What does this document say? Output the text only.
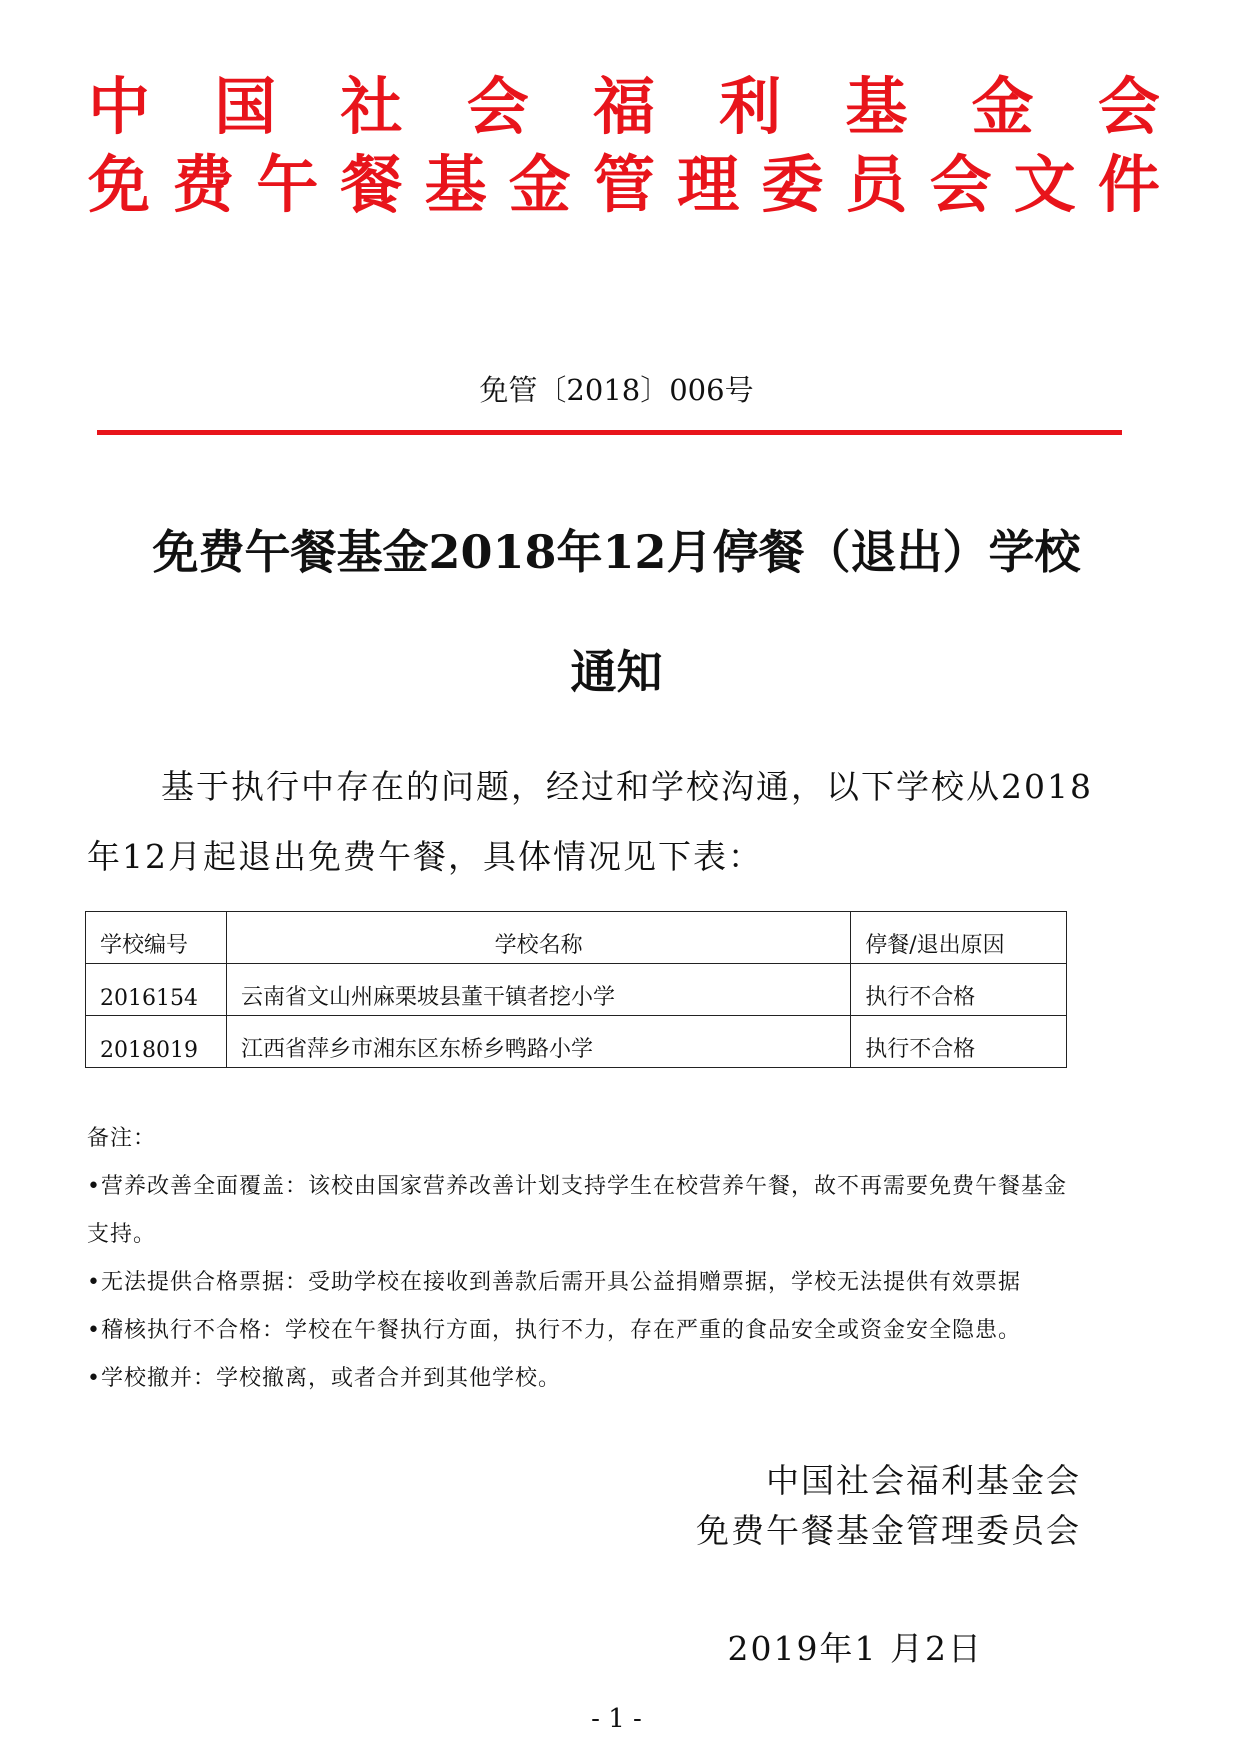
中 国 社 会 福 利 基 金 会
免 费 午 餐 基 金 管 理 委 员 会 文 件
免管〔2018〕006号
免费午餐基金2018年12月停餐（退出）学校
通知
基于执行中存在的问题，经过和学校沟通，以下学校从2018
年12月起退出免费午餐，具体情况见下表：
学校编号	学校名称	停餐/退出原因
2016154	云南省文山州麻栗坡县董干镇者挖小学	执行不合格
2018019	江西省萍乡市湘东区东桥乡鸭路小学	执行不合格
备注：
•营养改善全面覆盖：该校由国家营养改善计划支持学生在校营养午餐，故不再需要免费午餐基金
支持。
•无法提供合格票据：受助学校在接收到善款后需开具公益捐赠票据，学校无法提供有效票据
•稽核执行不合格：学校在午餐执行方面，执行不力，存在严重的食品安全或资金安全隐患。
•学校撤并：学校撤离，或者合并到其他学校。
中国社会福利基金会
免费午餐基金管理委员会
2019年1 月2日
- 1 -
